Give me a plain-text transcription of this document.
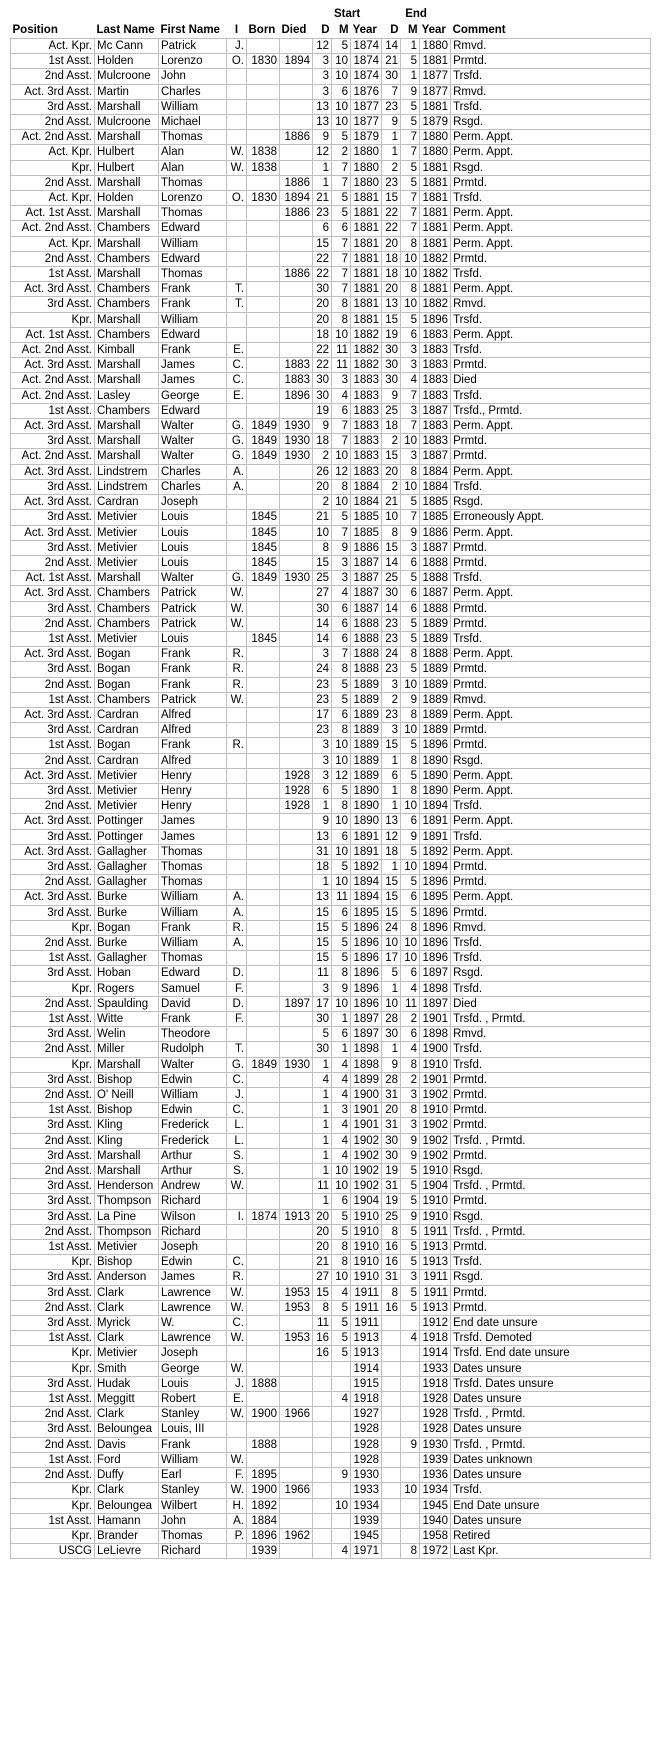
						Start			End			
Position	Last Name	First Name	I	Born	Died	D	M	Year	D	M	Year	Comment
Act. Kpr.	Mc Cann	Patrick	J.			12	5	1874	14	1	1880	Rmvd.
1st Asst.	Holden	Lorenzo	O.	1830	1894	3	10	1874	21	5	1881	Prmtd.
2nd Asst.	Mulcroone	John				3	10	1874	30	1	1877	Trsfd.
Act. 3rd Asst.	Martin	Charles				3	6	1876	7	9	1877	Rmvd.
3rd Asst.	Marshall	William				13	10	1877	23	5	1881	Trsfd.
2nd Asst.	Mulcroone	Michael				13	10	1877	9	5	1879	Rsgd.
Act. 2nd Asst.	Marshall	Thomas			1886	9	5	1879	1	7	1880	Perm. Appt.
Act. Kpr.	Hulbert	Alan	W.	1838		12	2	1880	1	7	1880	Perm. Appt.
Kpr.	Hulbert	Alan	W.	1838		1	7	1880	2	5	1881	Rsgd.
2nd Asst.	Marshall	Thomas			1886	1	7	1880	23	5	1881	Prmtd.
Act. Kpr.	Holden	Lorenzo	O.	1830	1894	21	5	1881	15	7	1881	Trsfd.
Act. 1st Asst.	Marshall	Thomas			1886	23	5	1881	22	7	1881	Perm. Appt.
Act. 2nd Asst.	Chambers	Edward				6	6	1881	22	7	1881	Perm. Appt.
Act. Kpr.	Marshall	William				15	7	1881	20	8	1881	Perm. Appt.
2nd Asst.	Chambers	Edward				22	7	1881	18	10	1882	Prmtd.
1st Asst.	Marshall	Thomas			1886	22	7	1881	18	10	1882	Trsfd.
Act. 3rd Asst.	Chambers	Frank	T.			30	7	1881	20	8	1881	Perm. Appt.
3rd Asst.	Chambers	Frank	T.			20	8	1881	13	10	1882	Rmvd.
Kpr.	Marshall	William				20	8	1881	15	5	1896	Trsfd.
Act. 1st Asst.	Chambers	Edward				18	10	1882	19	6	1883	Perm. Appt.
Act. 2nd Asst.	Kimball	Frank	E.			22	11	1882	30	3	1883	Trsfd.
Act. 3rd Asst.	Marshall	James	C.		1883	22	11	1882	30	3	1883	Prmtd.
Act. 2nd Asst.	Marshall	James	C.		1883	30	3	1883	30	4	1883	Died
Act. 2nd Asst.	Lasley	George	E.		1896	30	4	1883	9	7	1883	Trsfd.
1st Asst.	Chambers	Edward				19	6	1883	25	3	1887	Trsfd., Prmtd.
Act. 3rd Asst.	Marshall	Walter	G.	1849	1930	9	7	1883	18	7	1883	Perm. Appt.
3rd Asst.	Marshall	Walter	G.	1849	1930	18	7	1883	2	10	1883	Prmtd.
Act. 2nd Asst.	Marshall	Walter	G.	1849	1930	2	10	1883	15	3	1887	Prmtd.
Act. 3rd Asst.	Lindstrem	Charles	A.			26	12	1883	20	8	1884	Perm. Appt.
3rd Asst.	Lindstrem	Charles	A.			20	8	1884	2	10	1884	Trsfd.
Act. 3rd Asst.	Cardran	Joseph				2	10	1884	21	5	1885	Rsgd.
3rd Asst.	Metivier	Louis		1845		21	5	1885	10	7	1885	Erroneously Appt.
Act. 3rd Asst.	Metivier	Louis		1845		10	7	1885	8	9	1886	Perm. Appt.
3rd Asst.	Metivier	Louis		1845		8	9	1886	15	3	1887	Prmtd.
2nd Asst.	Metivier	Louis		1845		15	3	1887	14	6	1888	Prmtd.
Act. 1st Asst.	Marshall	Walter	G.	1849	1930	25	3	1887	25	5	1888	Trsfd.
Act. 3rd Asst.	Chambers	Patrick	W.			27	4	1887	30	6	1887	Perm. Appt.
3rd Asst.	Chambers	Patrick	W.			30	6	1887	14	6	1888	Prmtd.
2nd Asst.	Chambers	Patrick	W.			14	6	1888	23	5	1889	Prmtd.
1st Asst.	Metivier	Louis		1845		14	6	1888	23	5	1889	Trsfd.
Act. 3rd Asst.	Bogan	Frank	R.			3	7	1888	24	8	1888	Perm. Appt.
3rd Asst.	Bogan	Frank	R.			24	8	1888	23	5	1889	Prmtd.
2nd Asst.	Bogan	Frank	R.			23	5	1889	3	10	1889	Prmtd.
1st Asst.	Chambers	Patrick	W.			23	5	1889	2	9	1889	Rmvd.
Act. 3rd Asst.	Cardran	Alfred				17	6	1889	23	8	1889	Perm. Appt.
3rd Asst.	Cardran	Alfred				23	8	1889	3	10	1889	Prmtd.
1st Asst.	Bogan	Frank	R.			3	10	1889	15	5	1896	Prmtd.
2nd Asst.	Cardran	Alfred				3	10	1889	1	8	1890	Rsgd.
Act. 3rd Asst.	Metivier	Henry			1928	3	12	1889	6	5	1890	Perm. Appt.
3rd Asst.	Metivier	Henry			1928	6	5	1890	1	8	1890	Perm. Appt.
2nd Asst.	Metivier	Henry			1928	1	8	1890	1	10	1894	Trsfd.
Act. 3rd Asst.	Pottinger	James				9	10	1890	13	6	1891	Perm. Appt.
3rd Asst.	Pottinger	James				13	6	1891	12	9	1891	Trsfd.
Act. 3rd Asst.	Gallagher	Thomas				31	10	1891	18	5	1892	Perm. Appt.
3rd Asst.	Gallagher	Thomas				18	5	1892	1	10	1894	Prmtd.
2nd Asst.	Gallagher	Thomas				1	10	1894	15	5	1896	Prmtd.
Act. 3rd Asst.	Burke	William	A.			13	11	1894	15	6	1895	Perm. Appt.
3rd Asst.	Burke	William	A.			15	6	1895	15	5	1896	Prmtd.
Kpr.	Bogan	Frank	R.			15	5	1896	24	8	1896	Rmvd.
2nd Asst.	Burke	William	A.			15	5	1896	10	10	1896	Trsfd.
1st Asst.	Gallagher	Thomas				15	5	1896	17	10	1896	Trsfd.
3rd Asst.	Hoban	Edward	D.			11	8	1896	5	6	1897	Rsgd.
Kpr.	Rogers	Samuel	F.			3	9	1896	1	4	1898	Trsfd.
2nd Asst.	Spaulding	David	D.		1897	17	10	1896	10	11	1897	Died
1st Asst.	Witte	Frank	F.			30	1	1897	28	2	1901	Trsfd. , Prmtd.
3rd Asst.	Welin	Theodore				5	6	1897	30	6	1898	Rmvd.
2nd Asst.	Miller	Rudolph	T.			30	1	1898	1	4	1900	Trsfd.
Kpr.	Marshall	Walter	G.	1849	1930	1	4	1898	9	8	1910	Trsfd.
3rd Asst.	Bishop	Edwin	C.			4	4	1899	28	2	1901	Prmtd.
2nd Asst.	O' Neill	William	J.			1	4	1900	31	3	1902	Prmtd.
1st Asst.	Bishop	Edwin	C.			1	3	1901	20	8	1910	Prmtd.
3rd Asst.	Kling	Frederick	L.			1	4	1901	31	3	1902	Prmtd.
2nd Asst.	Kling	Frederick	L.			1	4	1902	30	9	1902	Trsfd. , Prmtd.
3rd Asst.	Marshall	Arthur	S.			1	4	1902	30	9	1902	Prmtd.
2nd Asst.	Marshall	Arthur	S.			1	10	1902	19	5	1910	Rsgd.
3rd Asst.	Henderson	Andrew	W.			11	10	1902	31	5	1904	Trsfd. , Prmtd.
3rd Asst.	Thompson	Richard				1	6	1904	19	5	1910	Prmtd.
3rd Asst.	La Pine	Wilson	I.	1874	1913	20	5	1910	25	9	1910	Rsgd.
2nd Asst.	Thompson	Richard				20	5	1910	8	5	1911	Trsfd. , Prmtd.
1st Asst.	Metivier	Joseph				20	8	1910	16	5	1913	Prmtd.
Kpr.	Bishop	Edwin	C.			21	8	1910	16	5	1913	Trsfd.
3rd Asst.	Anderson	James	R.			27	10	1910	31	3	1911	Rsgd.
3rd Asst.	Clark	Lawrence	W.		1953	15	4	1911	8	5	1911	Prmtd.
2nd Asst.	Clark	Lawrence	W.		1953	8	5	1911	16	5	1913	Prmtd.
3rd Asst.	Myrick	W.	C.			11	5	1911			1912	End date unsure
1st Asst.	Clark	Lawrence	W.		1953	16	5	1913		4	1918	Trsfd. Demoted
Kpr.	Metivier	Joseph				16	5	1913			1914	Trsfd. End date unsure
Kpr.	Smith	George	W.					1914			1933	Dates unsure
3rd Asst.	Hudak	Louis	J.	1888				1915			1918	Trsfd. Dates unsure
1st Asst.	Meggitt	Robert	E.				4	1918			1928	Dates unsure
2nd Asst.	Clark	Stanley	W.	1900	1966			1927			1928	Trsfd. , Prmtd.
3rd Asst.	Beloungea	Louis, III						1928			1928	Dates unsure
2nd Asst.	Davis	Frank		1888				1928		9	1930	Trsfd. , Prmtd.
1st Asst.	Ford	William	W.					1928			1939	Dates unknown
2nd Asst.	Duffy	Earl	F.	1895			9	1930			1936	Dates unsure
Kpr.	Clark	Stanley	W.	1900	1966			1933		10	1934	Trsfd.
Kpr.	Beloungea	Wilbert	H.	1892			10	1934			1945	End Date unsure
1st Asst.	Hamann	John	A.	1884				1939			1940	Dates unsure
Kpr.	Brander	Thomas	P.	1896	1962			1945			1958	Retired
USCG	LeLievre	Richard		1939			4	1971		8	1972	Last Kpr.
